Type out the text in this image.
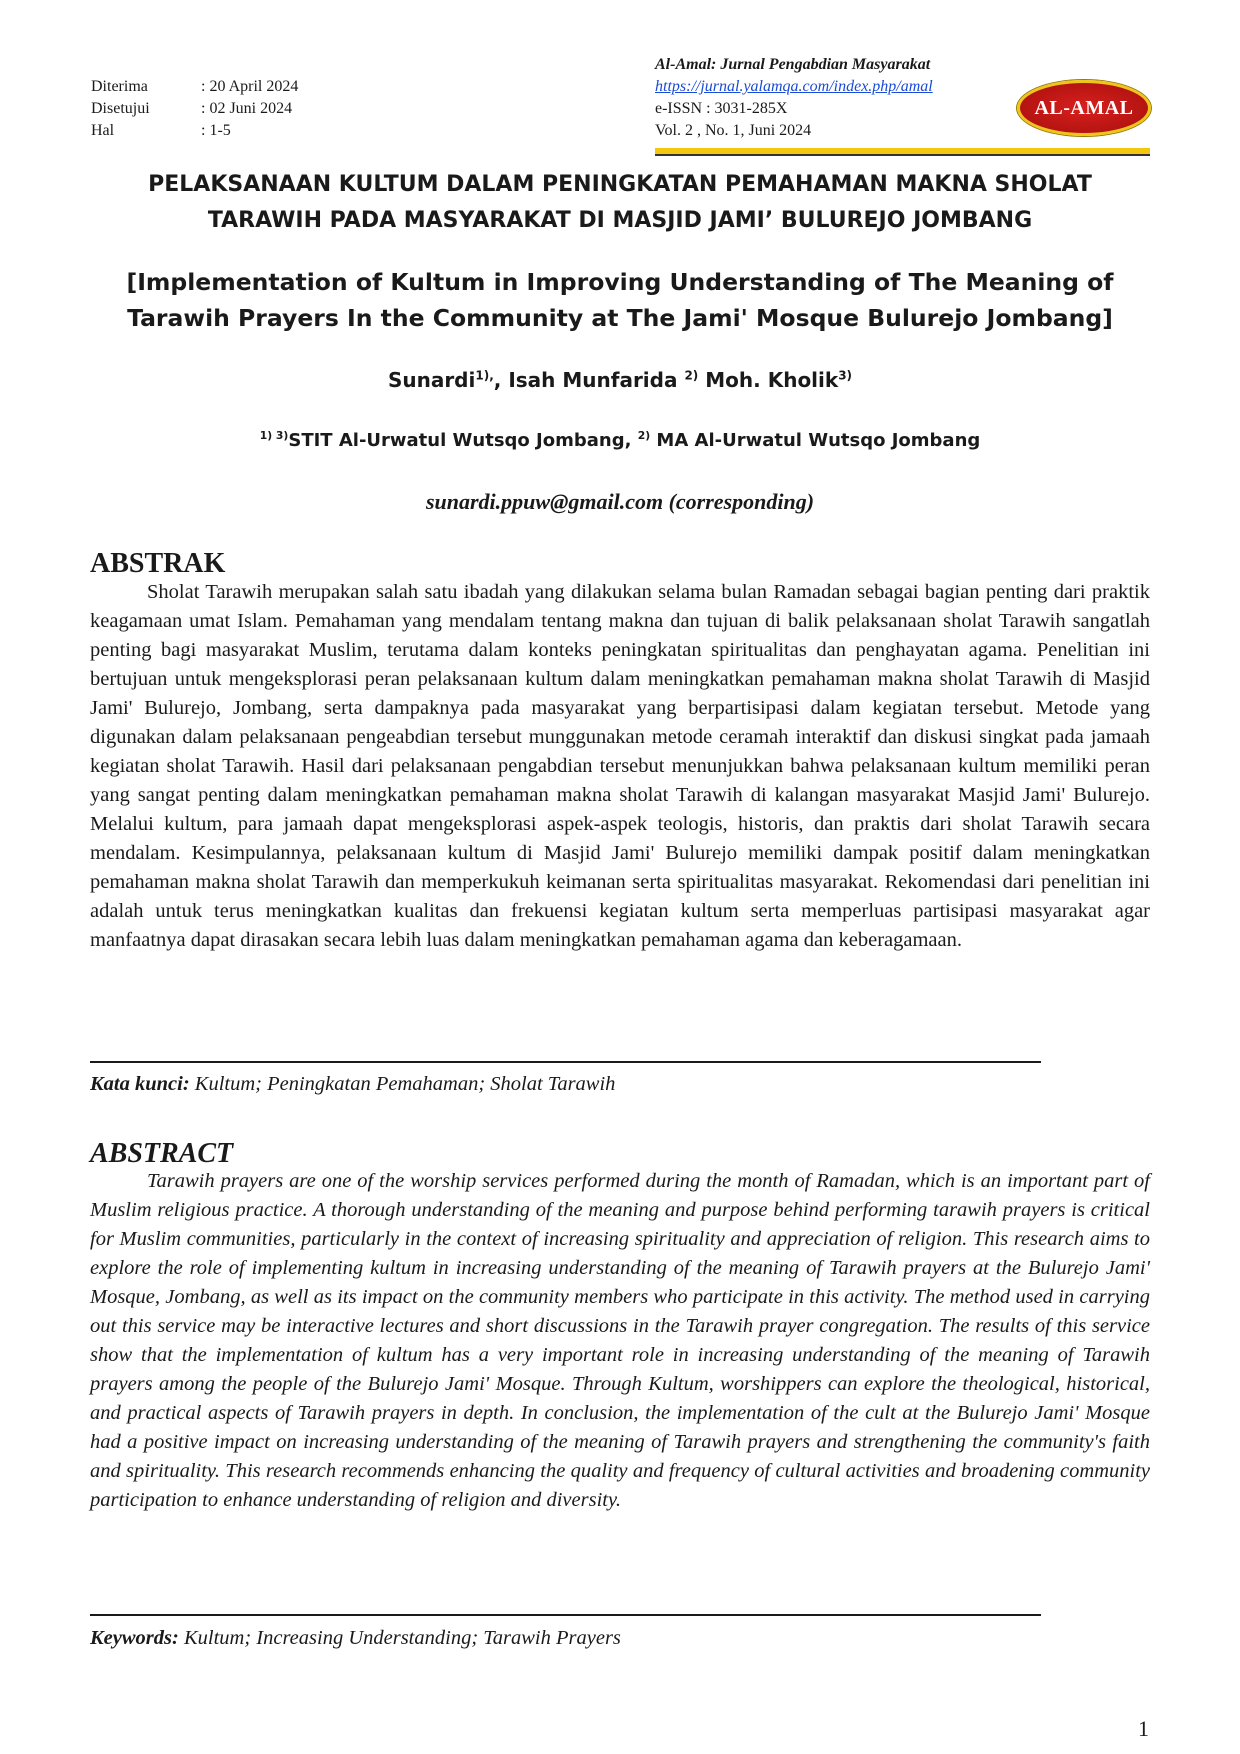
Diterima	: 20 April 2024
Disetujui	: 02 Juni 2024
Hal	: 1-5
Al-Amal: Jurnal Pengabdian Masyarakat
https://jurnal.yalamqa.com/index.php/amal
e-ISSN : 3031-285X
Vol. 2 , No. 1, Juni 2024
AL-AMAL
PELAKSANAAN KULTUM DALAM PENINGKATAN PEMAHAMAN MAKNA SHOLAT TARAWIH PADA MASYARAKAT DI MASJID JAMI’ BULUREJO JOMBANG
[Implementation of Kultum in Improving Understanding of The Meaning of Tarawih Prayers In the Community at The Jami' Mosque Bulurejo Jombang]
Sunardi$^{1),}$, Isah Munfarida $^{2)}$ Moh. Kholik$^{3)}$
$^{1) 3)}$STIT Al-Urwatul Wutsqo Jombang, $^{2)}$ MA Al-Urwatul Wutsqo Jombang
sunardi.ppuw@gmail.com (corresponding)
ABSTRAK
Sholat Tarawih merupakan salah satu ibadah yang dilakukan selama bulan Ramadan sebagai bagian penting dari praktik keagamaan umat Islam. Pemahaman yang mendalam tentang makna dan tujuan di balik pelaksanaan sholat Tarawih sangatlah penting bagi masyarakat Muslim, terutama dalam konteks peningkatan spiritualitas dan penghayatan agama. Penelitian ini bertujuan untuk mengeksplorasi peran pelaksanaan kultum dalam meningkatkan pemahaman makna sholat Tarawih di Masjid Jami' Bulurejo, Jombang, serta dampaknya pada masyarakat yang berpartisipasi dalam kegiatan tersebut. Metode yang digunakan dalam pelaksanaan pengeabdian tersebut munggunakan metode ceramah interaktif dan diskusi singkat pada jamaah kegiatan sholat Tarawih. Hasil dari pelaksanaan pengabdian tersebut menunjukkan bahwa pelaksanaan kultum memiliki peran yang sangat penting dalam meningkatkan pemahaman makna sholat Tarawih di kalangan masyarakat Masjid Jami' Bulurejo. Melalui kultum, para jamaah dapat mengeksplorasi aspek-aspek teologis, historis, dan praktis dari sholat Tarawih secara mendalam. Kesimpulannya, pelaksanaan kultum di Masjid Jami' Bulurejo memiliki dampak positif dalam meningkatkan pemahaman makna sholat Tarawih dan memperkukuh keimanan serta spiritualitas masyarakat. Rekomendasi dari penelitian ini adalah untuk terus meningkatkan kualitas dan frekuensi kegiatan kultum serta memperluas partisipasi masyarakat agar manfaatnya dapat dirasakan secara lebih luas dalam meningkatkan pemahaman agama dan keberagamaan.
Kata kunci: Kultum; Peningkatan Pemahaman; Sholat Tarawih
ABSTRACT
Tarawih prayers are one of the worship services performed during the month of Ramadan, which is an important part of Muslim religious practice. A thorough understanding of the meaning and purpose behind performing tarawih prayers is critical for Muslim communities, particularly in the context of increasing spirituality and appreciation of religion. This research aims to explore the role of implementing kultum in increasing understanding of the meaning of Tarawih prayers at the Bulurejo Jami' Mosque, Jombang, as well as its impact on the community members who participate in this activity. The method used in carrying out this service may be interactive lectures and short discussions in the Tarawih prayer congregation. The results of this service show that the implementation of kultum has a very important role in increasing understanding of the meaning of Tarawih prayers among the people of the Bulurejo Jami' Mosque. Through Kultum, worshippers can explore the theological, historical, and practical aspects of Tarawih prayers in depth. In conclusion, the implementation of the cult at the Bulurejo Jami' Mosque had a positive impact on increasing understanding of the meaning of Tarawih prayers and strengthening the community's faith and spirituality. This research recommends enhancing the quality and frequency of cultural activities and broadening community participation to enhance understanding of religion and diversity.
Keywords: Kultum; Increasing Understanding; Tarawih Prayers
1
